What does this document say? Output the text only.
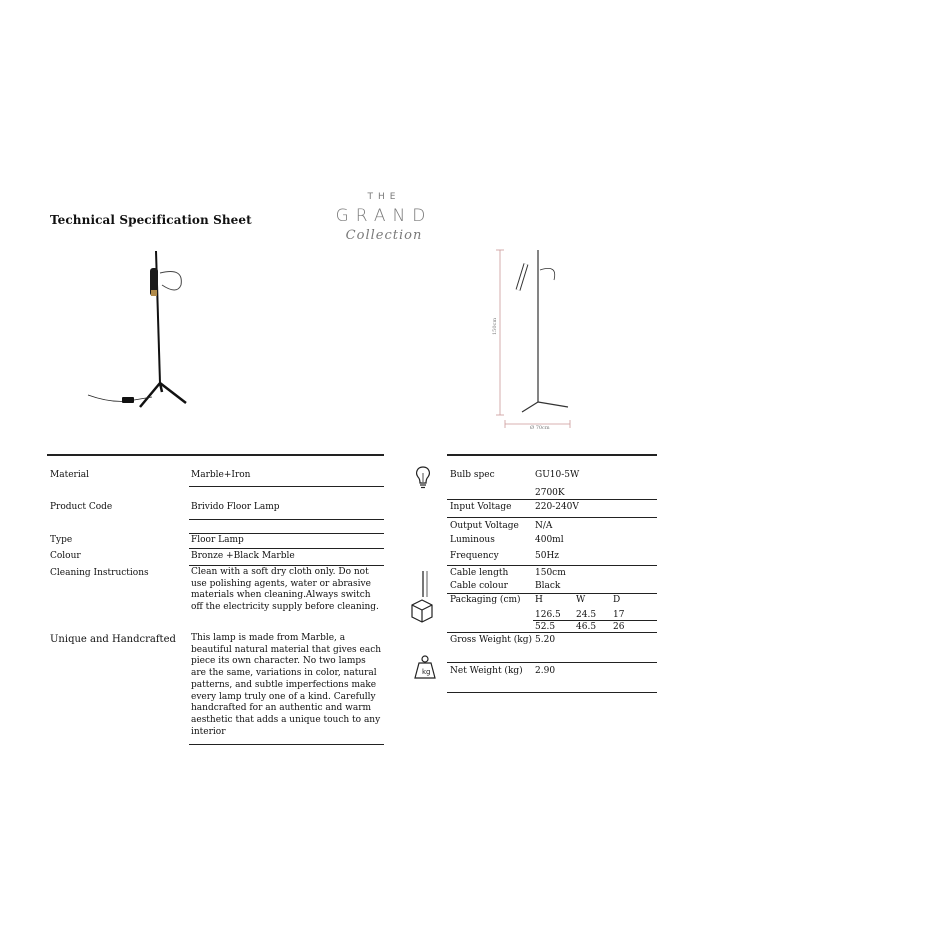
Technical Specification Sheet
THE
GRAND
Collection
150cm
Ø 70cm
Material	Marble+Iron
Product Code	Brivido Floor Lamp
Type	Floor Lamp
Colour	Bronze +Black Marble
Cleaning Instructions	Clean with a soft dry cloth only. Do not use polishing agents, water or abrasive materials when cleaning.Always switch off the electricity supply before cleaning.
Unique and Handcrafted This lamp is made from Marble, a beautiful natural material that gives each piece its own character. No two lamps are the same, variations in color, natural patterns, and subtle imperfections make every lamp truly one of a kind. Carefully handcrafted for an authentic and warm aesthetic that adds a unique touch to any interior
kg
Bulb spec	GU10-5W
2700K
Input Voltage	220-240V
Output Voltage N/A
Luminous	400ml
Frequency	50Hz
Cable length	150cm
Cable colour	Black
Packaging (cm) H	W	D
126.5 24.5 17
52.5 46.5 26
Gross Weight (kg) 5.20
Net Weight (kg) 2.90
